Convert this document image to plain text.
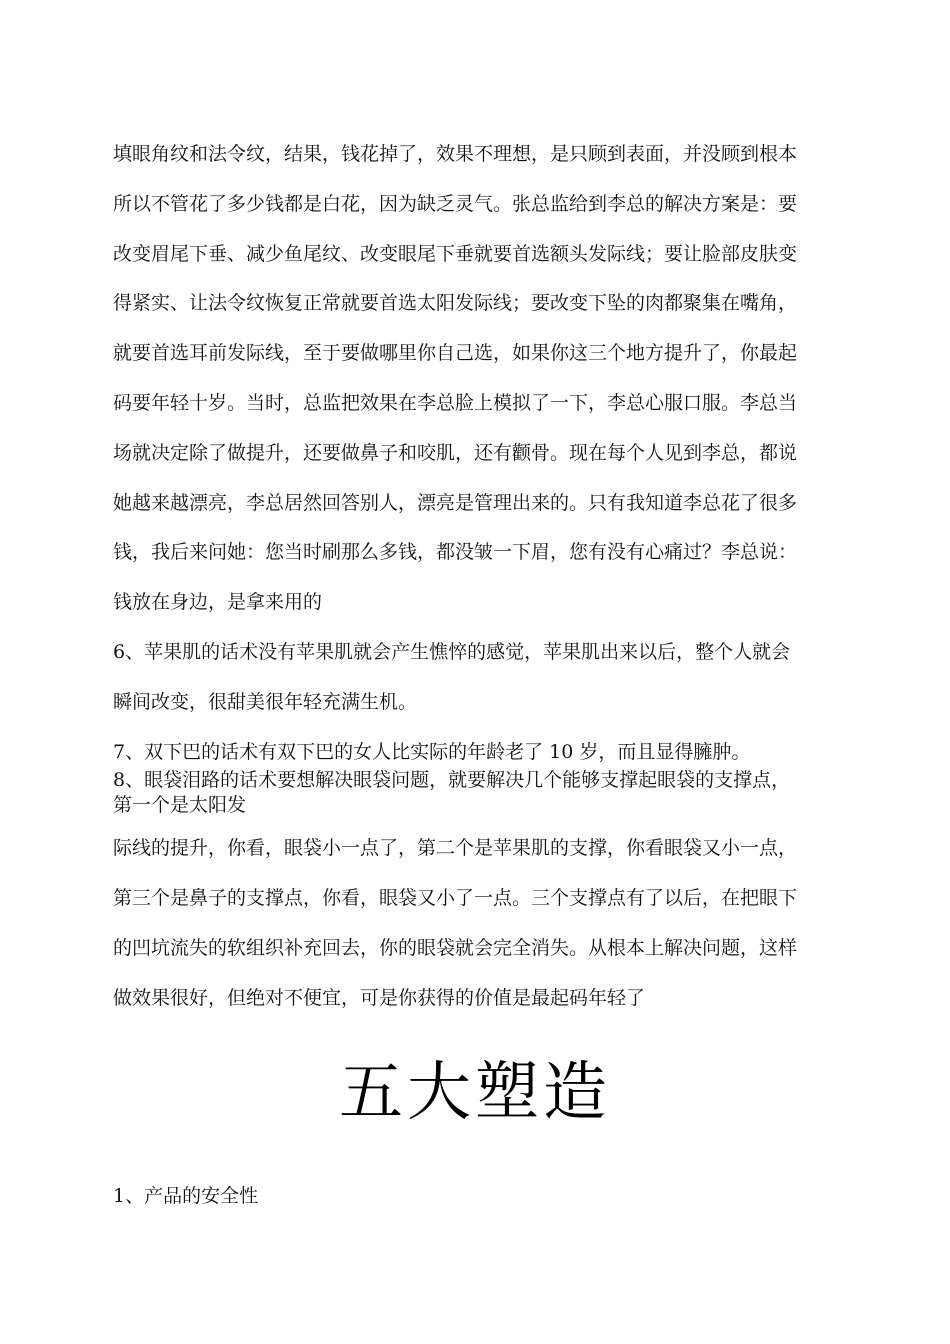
填眼角纹和法令纹，结果，钱花掉了，效果不理想，是只顾到表面，并没顾到根本
所以不管花了多少钱都是白花，因为缺乏灵气。张总监给到李总的解决方案是：要
改变眉尾下垂、减少鱼尾纹、改变眼尾下垂就要首选额头发际线；要让脸部皮肤变
得紧实、让法令纹恢复正常就要首选太阳发际线；要改变下坠的肉都聚集在嘴角，
就要首选耳前发际线，至于要做哪里你自己选，如果你这三个地方提升了，你最起
码要年轻十岁。当时，总监把效果在李总脸上模拟了一下，李总心服口服。李总当
场就决定除了做提升，还要做鼻子和咬肌，还有颧骨。现在每个人见到李总，都说
她越来越漂亮，李总居然回答别人，漂亮是管理出来的。只有我知道李总花了很多
钱，我后来问她：您当时刷那么多钱，都没皱一下眉，您有没有心痛过？李总说：
钱放在身边，是拿来用的
6、苹果肌的话术没有苹果肌就会产生憔悴的感觉，苹果肌出来以后，整个人就会
瞬间改变，很甜美很年轻充满生机。
7、双下巴的话术有双下巴的女人比实际的年龄老了 10 岁，而且显得臃肿。
8、眼袋泪路的话术要想解决眼袋问题，就要解决几个能够支撑起眼袋的支撑点，
第一个是太阳发
际线的提升，你看，眼袋小一点了，第二个是苹果肌的支撑，你看眼袋又小一点，
第三个是鼻子的支撑点，你看，眼袋又小了一点。三个支撑点有了以后，在把眼下
的凹坑流失的软组织补充回去，你的眼袋就会完全消失。从根本上解决问题，这样
做效果很好，但绝对不便宜，可是你获得的价值是最起码年轻了
五大塑造
1、产品的安全性
